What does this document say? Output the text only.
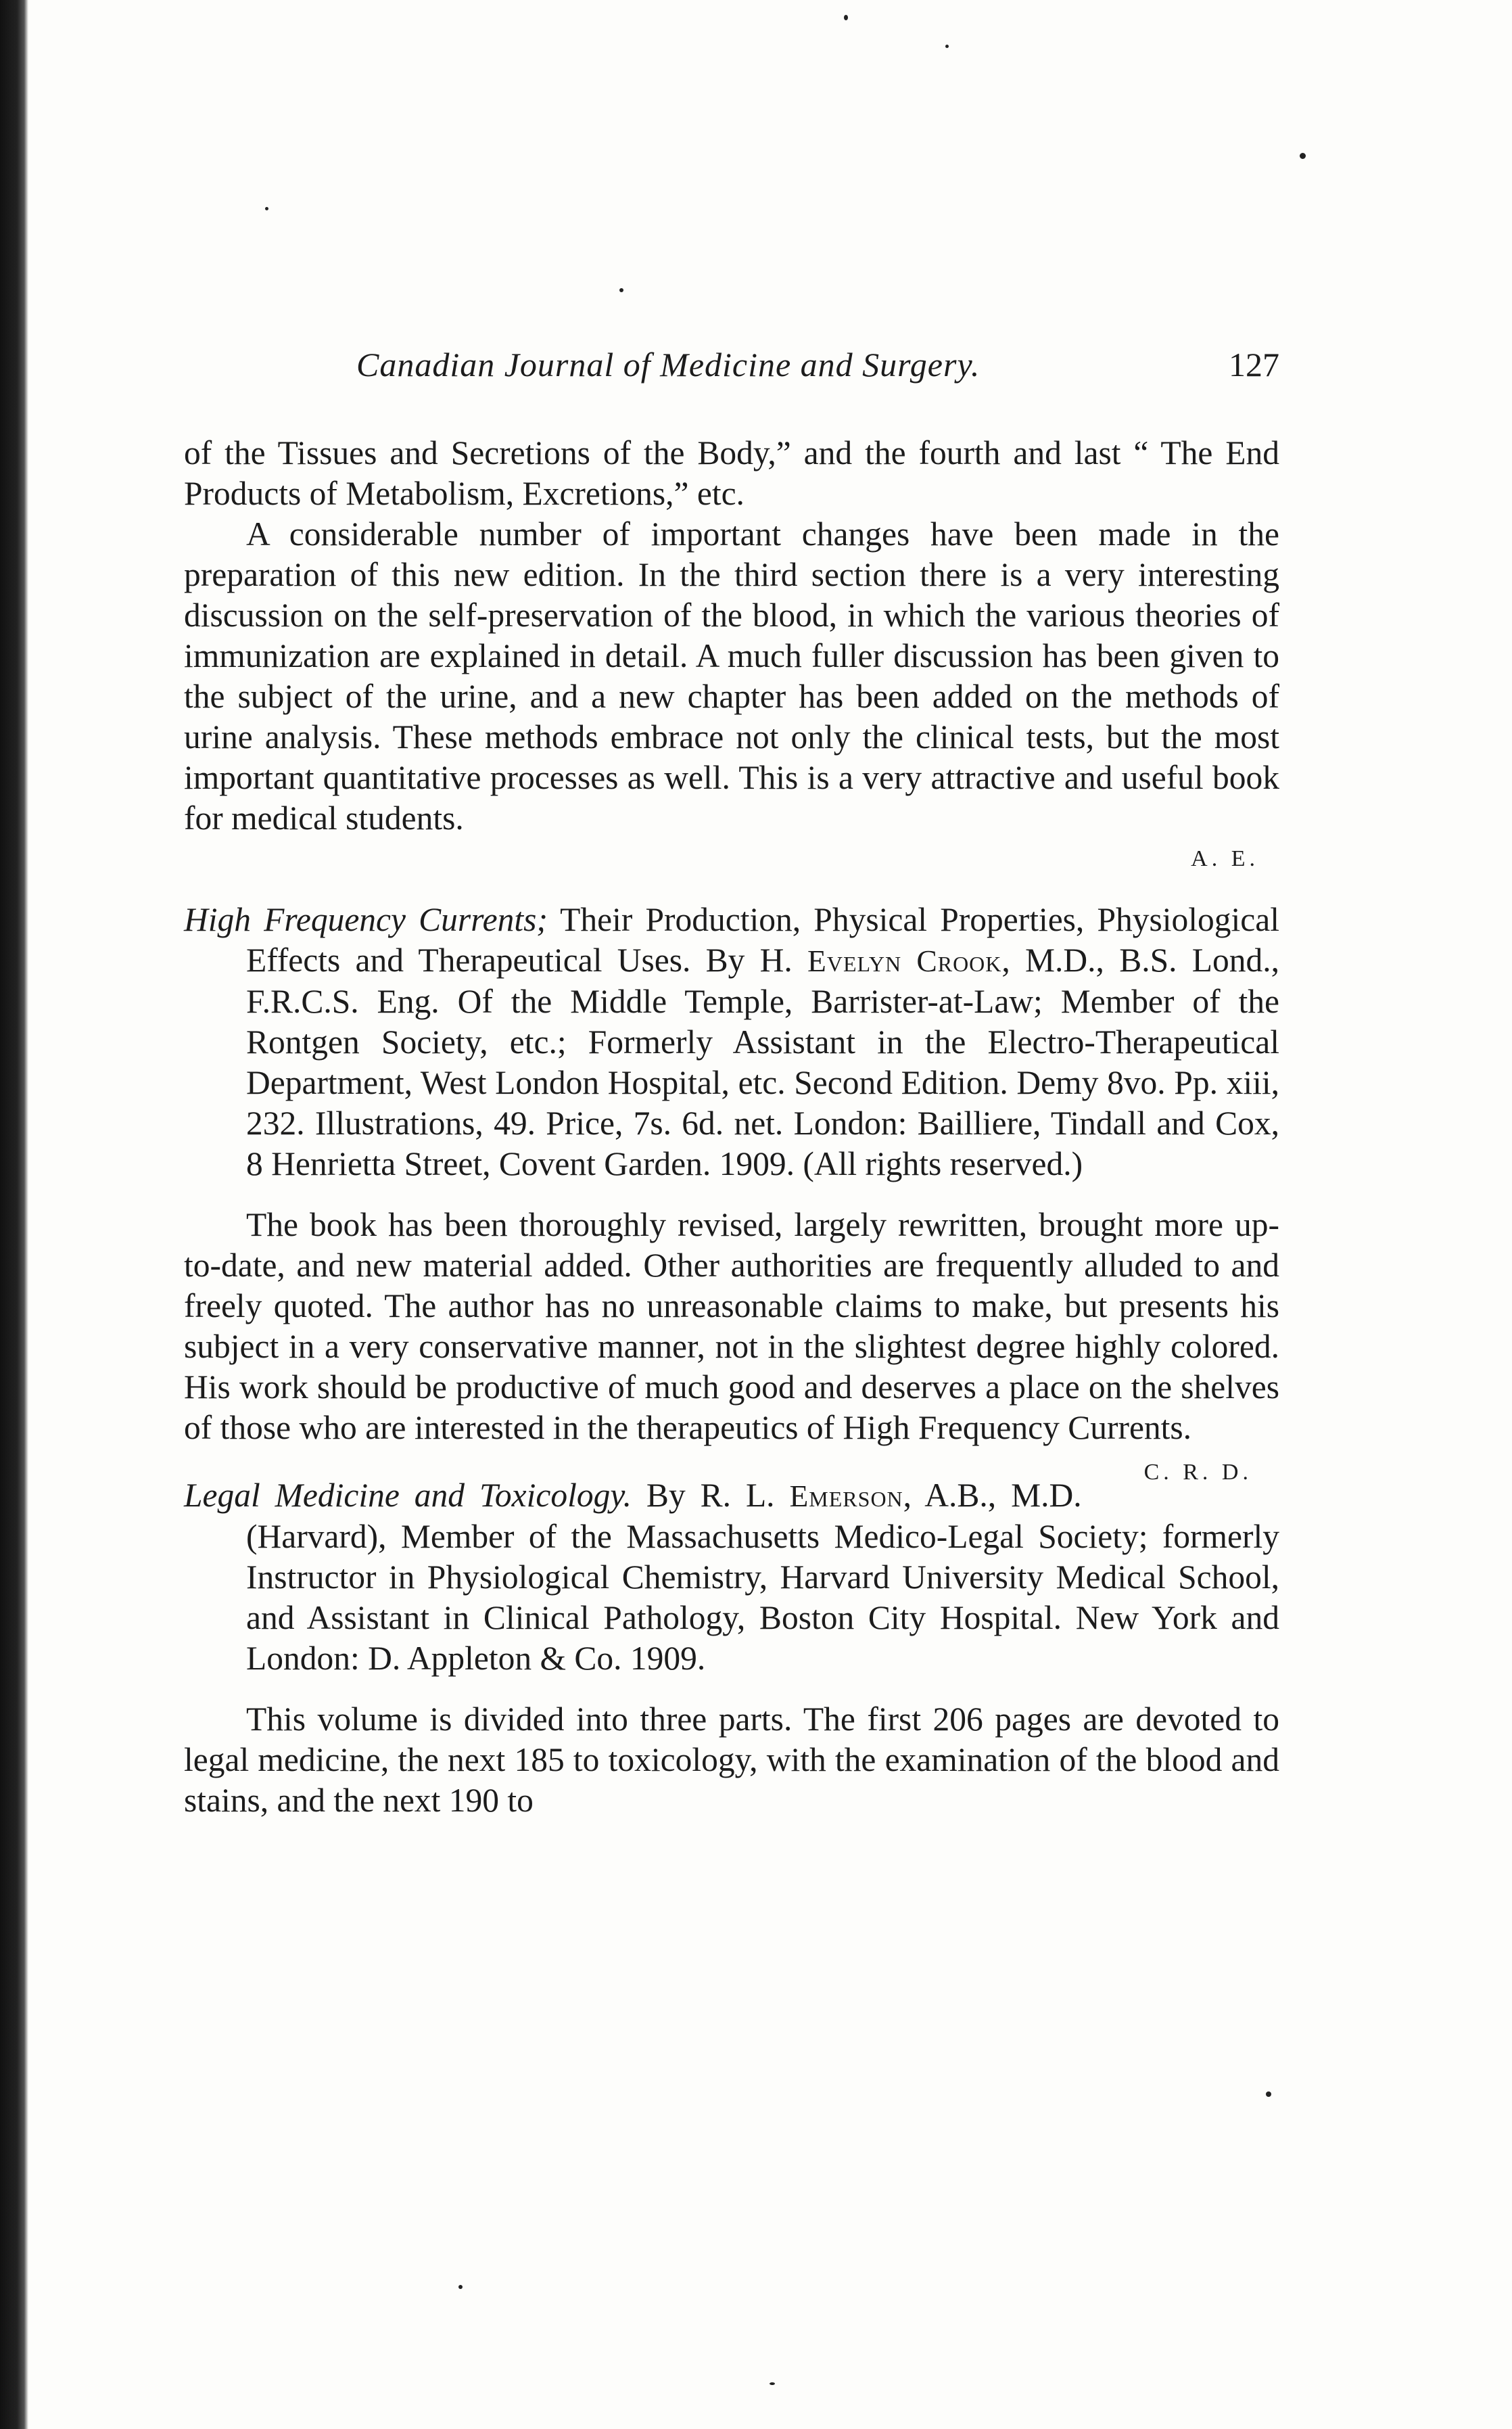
Canadian Journal of Medicine and Surgery.	127

of the Tissues and Secretions of the Body,” and the fourth and last “ The End Products of Metabolism, Excretions,” etc.

A considerable number of important changes have been made in the preparation of this new edition. In the third section there is a very interesting discussion on the self-preservation of the blood, in which the various theories of immunization are explained in detail. A much fuller discussion has been given to the subject of the urine, and a new chapter has been added on the methods of urine analysis. These methods embrace not only the clinical tests, but the most important quantitative processes as well. This is a very attractive and useful book for medical students.

A. E.

High Frequency Currents; Their Production, Physical Properties, Physiological Effects and Therapeutical Uses. By H. Evelyn Crook, M.D., B.S. Lond., F.R.C.S. Eng. Of the Middle Temple, Barrister-at-Law; Member of the Rontgen Society, etc.; Formerly Assistant in the Electro-Therapeutical Department, West London Hospital, etc. Second Edition. Demy 8vo. Pp. xiii, 232. Illustrations, 49. Price, 7s. 6d. net. London: Bailliere, Tindall and Cox, 8 Henrietta Street, Covent Garden. 1909. (All rights reserved.)

The book has been thoroughly revised, largely rewritten, brought more up-to-date, and new material added. Other authorities are frequently alluded to and freely quoted. The author has no unreasonable claims to make, but presents his subject in a very conservative manner, not in the slightest degree highly colored. His work should be productive of much good and deserves a place on the shelves of those who are interested in the therapeutics of High Frequency Currents.
C. R. D.

Legal Medicine and Toxicology. By R. L. Emerson, A.B., M.D. (Harvard), Member of the Massachusetts Medico-Legal Society; formerly Instructor in Physiological Chemistry, Harvard University Medical School, and Assistant in Clinical Pathology, Boston City Hospital. New York and London: D. Appleton & Co. 1909.

This volume is divided into three parts. The first 206 pages are devoted to legal medicine, the next 185 to toxicology, with the examination of the blood and stains, and the next 190 to
